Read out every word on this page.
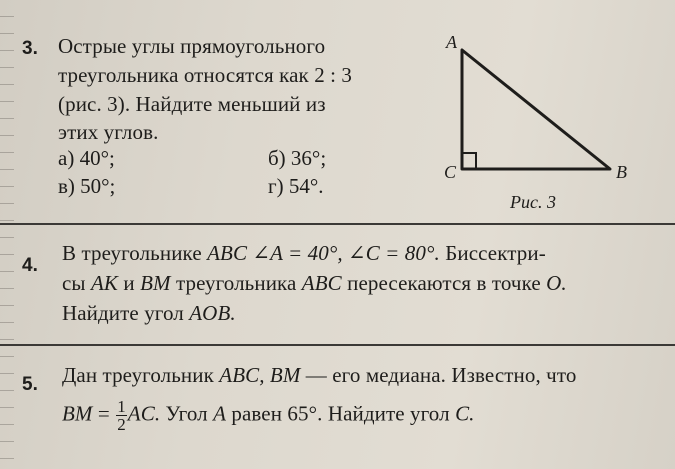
3. Острые углы прямоугольного
треугольника относятся как 2 : 3
(рис. 3). Найдите меньший из
этих углов.
а) 40°;	б) 36°;
в) 50°;	г) 54°.
A
C	B
Рис. 3
4.
В треугольнике ABC ∠A = 40°, ∠C = 80°. Биссектри-
сы AK и BM треугольника ABC пересекаются в точке O.
Найдите угол AOB.
5. Дан треугольник ABC, BM — его медиана. Известно, что
BM = $\frac{1}{2}$ AC. Угол A равен 65°. Найдите угол C.
